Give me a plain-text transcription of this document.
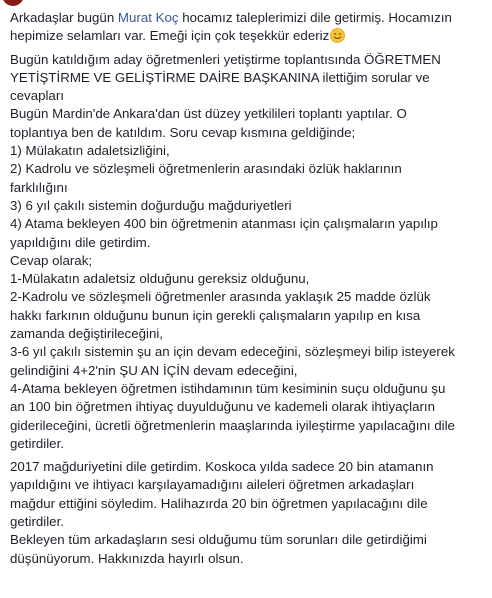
Arkadaşlar bugün Murat Koç hocamız taleplerimizi dile getirmiş. Hocamızın
hepimize selamları var. Emeği için çok teşekkür ederiz
Bugün katıldığım aday öğretmenleri yetiştirme toplantısında ÖĞRETMEN
YETİŞTİRME VE GELİŞTİRME DAİRE BAŞKANINA ilettiğim sorular ve
cevapları
Bugün Mardin'de Ankara'dan üst düzey yetkilileri toplantı yaptılar. O
toplantıya ben de katıldım. Soru cevap kısmına geldiğinde;
1) Mülakatın adaletsizliğini,
2) Kadrolu ve sözleşmeli öğretmenlerin arasındaki özlük haklarının
farklılığını
3) 6 yıl çakılı sistemin doğurduğu mağduriyetleri
4) Atama bekleyen 400 bin öğretmenin atanması için çalışmaların yapılıp
yapıldığını dile getirdim.
Cevap olarak;
1-Mülakatın adaletsiz olduğunu gereksiz olduğunu,
2-Kadrolu ve sözleşmeli öğretmenler arasında yaklaşık 25 madde özlük
hakkı farkının olduğunu bunun için gerekli çalışmaların yapılıp en kısa
zamanda değiştirileceğini,
3-6 yıl çakılı sistemin şu an için devam edeceğini, sözleşmeyi bilip isteyerek
gelindiğini 4+2'nin ŞU AN İÇİN devam edeceğini,
4-Atama bekleyen öğretmen istihdamının tüm kesiminin suçu olduğunu şu
an 100 bin öğretmen ihtiyaç duyulduğunu ve kademeli olarak ihtiyaçların
giderileceğini, ücretli öğretmenlerin maaşlarında iyileştirme yapılacağını dile
getirdiler.
2017 mağduriyetini dile getirdim. Koskoca yılda sadece 20 bin atamanın
yapıldığını ve ihtiyacı karşılayamadığını aileleri öğretmen arkadaşları
mağdur ettiğini söyledim. Halihazırda 20 bin öğretmen yapılacağını dile
getirdiler.
Bekleyen tüm arkadaşların sesi olduğumu tüm sorunları dile getirdiğimi
düşünüyorum. Hakkınızda hayırlı olsun.
